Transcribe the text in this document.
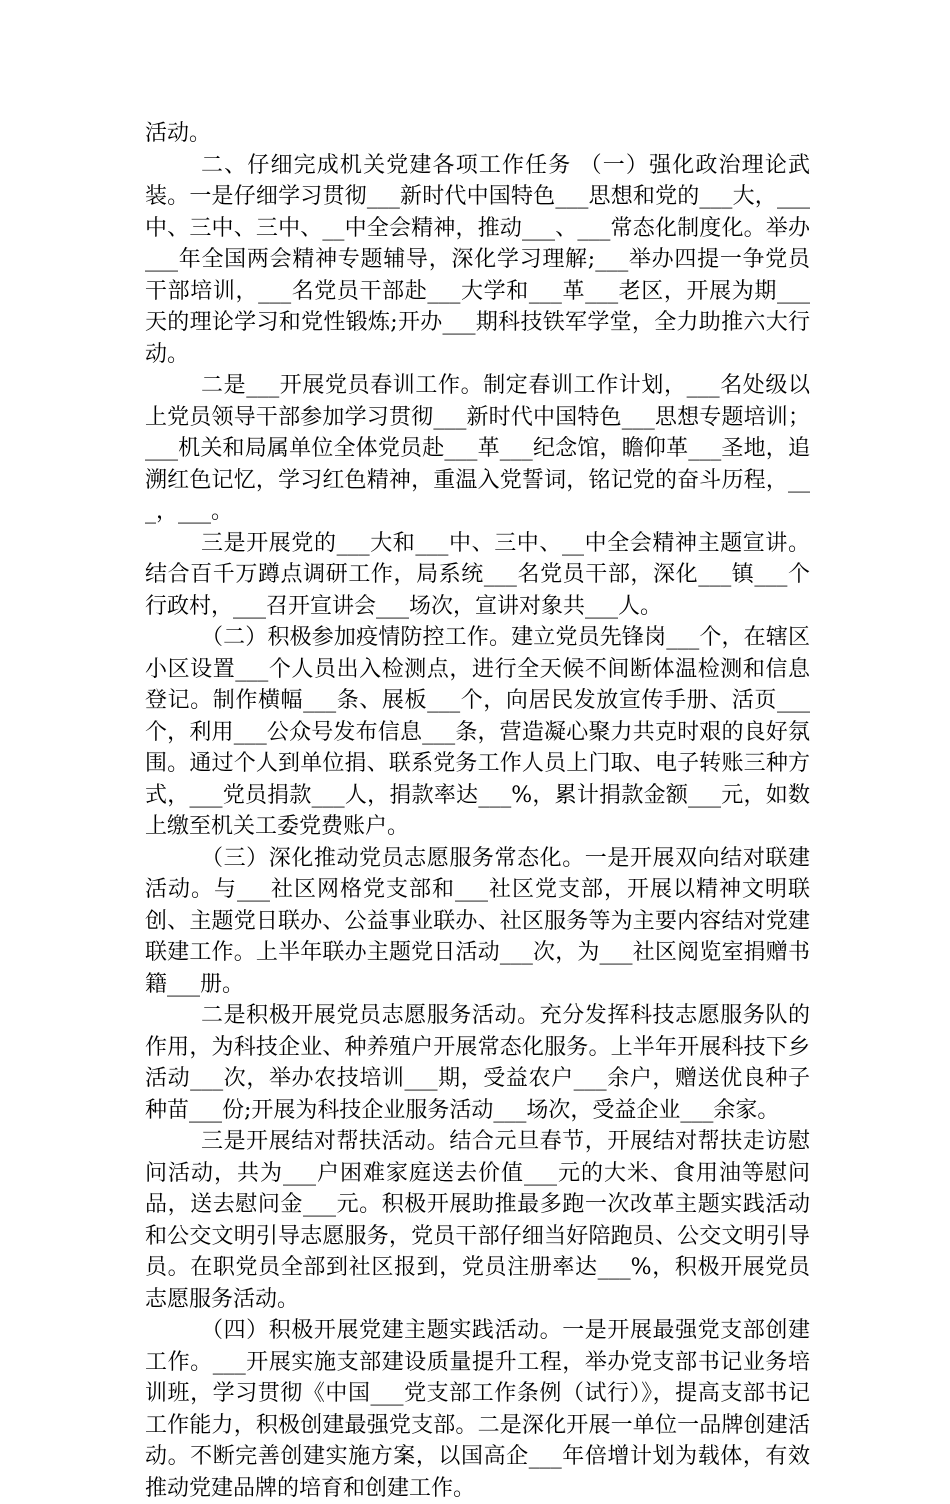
活动。

二、仔细完成机关党建各项工作任务 （一）强化政治理论武装。一是仔细学习贯彻___新时代中国特色___思想和党的___大，___中、三中、三中、__中全会精神，推动___、___常态化制度化。举办___年全国两会精神专题辅导，深化学习理解;___举办四提一争党员干部培训，___名党员干部赴___大学和___革___老区，开展为期___天的理论学习和党性锻炼;开办___期科技铁军学堂，全力助推六大行动。

二是___开展党员春训工作。制定春训工作计划，___名处级以上党员领导干部参加学习贯彻___新时代中国特色___思想专题培训；___机关和局属单位全体党员赴___革___纪念馆，瞻仰革___圣地，追溯红色记忆，学习红色精神，重温入党誓词，铭记党的奋斗历程，___，___。

三是开展党的___大和___中、三中、__中全会精神主题宣讲。结合百千万蹲点调研工作，局系统___名党员干部，深化___镇___个行政村，___召开宣讲会___场次，宣讲对象共___人。

（二）积极参加疫情防控工作。建立党员先锋岗___个，在辖区小区设置___个人员出入检测点，进行全天候不间断体温检测和信息登记。制作横幅___条、展板___个，向居民发放宣传手册、活页___个，利用___公众号发布信息___条，营造凝心聚力共克时艰的良好氛围。通过个人到单位捐、联系党务工作人员上门取、电子转账三种方式，___党员捐款___人，捐款率达___%，累计捐款金额___元，如数上缴至机关工委党费账户。

（三）深化推动党员志愿服务常态化。一是开展双向结对联建活动。与___社区网格党支部和___社区党支部，开展以精神文明联创、主题党日联办、公益事业联办、社区服务等为主要内容结对党建联建工作。上半年联办主题党日活动___次，为___社区阅览室捐赠书籍___册。

二是积极开展党员志愿服务活动。充分发挥科技志愿服务队的作用，为科技企业、种养殖户开展常态化服务。上半年开展科技下乡活动___次，举办农技培训___期，受益农户___余户，赠送优良种子种苗___份;开展为科技企业服务活动___场次，受益企业___余家。

三是开展结对帮扶活动。结合元旦春节，开展结对帮扶走访慰问活动，共为___户困难家庭送去价值___元的大米、食用油等慰问品，送去慰问金___元。积极开展助推最多跑一次改革主题实践活动和公交文明引导志愿服务，党员干部仔细当好陪跑员、公交文明引导员。在职党员全部到社区报到，党员注册率达___%，积极开展党员志愿服务活动。

（四）积极开展党建主题实践活动。一是开展最强党支部创建工作。___开展实施支部建设质量提升工程，举办党支部书记业务培训班，学习贯彻《中国___党支部工作条例（试行）》，提高支部书记工作能力，积极创建最强党支部。二是深化开展一单位一品牌创建活动。不断完善创建实施方案，以国高企___年倍增计划为载体，有效推动党建品牌的培育和创建工作。
